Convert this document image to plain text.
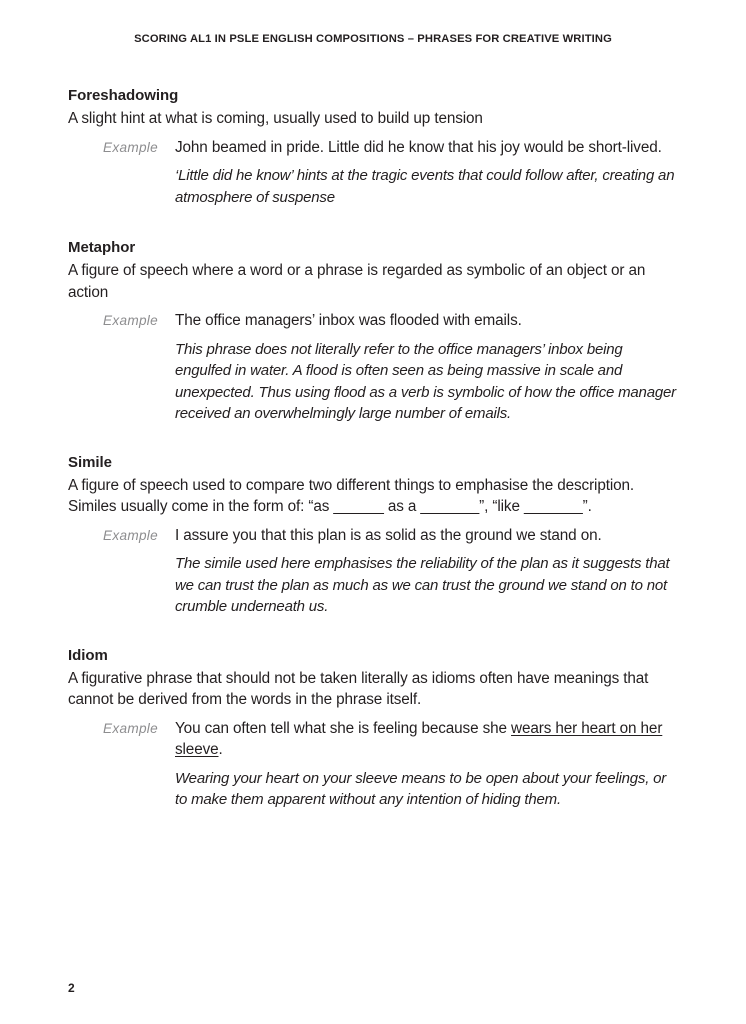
SCORING AL1 IN PSLE ENGLISH COMPOSITIONS – PHRASES FOR CREATIVE WRITING
Foreshadowing

A slight hint at what is coming, usually used to build up tension

Example	John beamed in pride. Little did he know that his joy would be short-lived.

‘Little did he know’ hints at the tragic events that could follow after, creating an atmosphere of suspense

Metaphor

A figure of speech where a word or a phrase is regarded as symbolic of an object or an action

Example	The office managers’ inbox was flooded with emails.

This phrase does not literally refer to the office managers’ inbox being engulfed in water. A flood is often seen as being massive in scale and unexpected. Thus using flood as a verb is symbolic of how the office manager received an overwhelmingly large number of emails.

Simile

A figure of speech used to compare two different things to emphasise the description. Similes usually come in the form of: “as ______ as a _______”, “like _______”.

Example	I assure you that this plan is as solid as the ground we stand on.

The simile used here emphasises the reliability of the plan as it suggests that we can trust the plan as much as we can trust the ground we stand on to not crumble underneath us.

Idiom

A figurative phrase that should not be taken literally as idioms often have meanings that cannot be derived from the words in the phrase itself.

Example	You can often tell what she is feeling because she wears her heart on her sleeve.

Wearing your heart on your sleeve means to be open about your feelings, or to make them apparent without any intention of hiding them.

2
